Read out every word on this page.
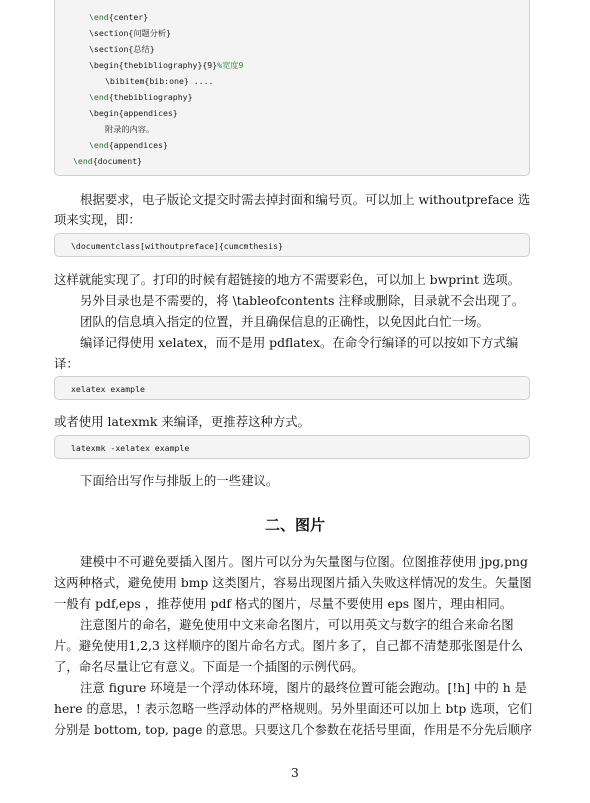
\end{center}
\section{问题分析}
\section{总结}
\begin{thebibliography}{9}%宽度9
\bibitem{bib:one} ....
\end{thebibliography}
\begin{appendices}
附录的内容。
\end{appendices}
\end{document}
根据要求，电子版论文提交时需去掉封面和编号页。可以加上 withoutpreface 选
项来实现，即：
\documentclass[withoutpreface]{cumcmthesis}
这样就能实现了。打印的时候有超链接的地方不需要彩色，可以加上 bwprint 选项。
另外目录也是不需要的，将 \tableofcontents 注释或删除，目录就不会出现了。
团队的信息填入指定的位置，并且确保信息的正确性，以免因此白忙一场。
编译记得使用 xelatex，而不是用 pdflatex。在命令行编译的可以按如下方式编
译：
xelatex example
或者使用 latexmk 来编译，更推荐这种方式。
latexmk -xelatex example
下面给出写作与排版上的一些建议。
二、图片
建模中不可避免要插入图片。图片可以分为矢量图与位图。位图推荐使用 jpg,png
这两种格式，避免使用 bmp 这类图片，容易出现图片插入失败这样情况的发生。矢量图
一般有 pdf,eps ，推荐使用 pdf 格式的图片，尽量不要使用 eps 图片，理由相同。
注意图片的命名，避免使用中文来命名图片，可以用英文与数字的组合来命名图
片。避免使用1,2,3 这样顺序的图片命名方式。图片多了，自己都不清楚那张图是什么
了，命名尽量让它有意义。下面是一个插图的示例代码。
注意 figure 环境是一个浮动体环境，图片的最终位置可能会跑动。[!h] 中的 h 是
here 的意思，! 表示忽略一些浮动体的严格规则。另外里面还可以加上 btp 选项，它们
分别是 bottom, top, page 的意思。只要这几个参数在花括号里面，作用是不分先后顺序
3
